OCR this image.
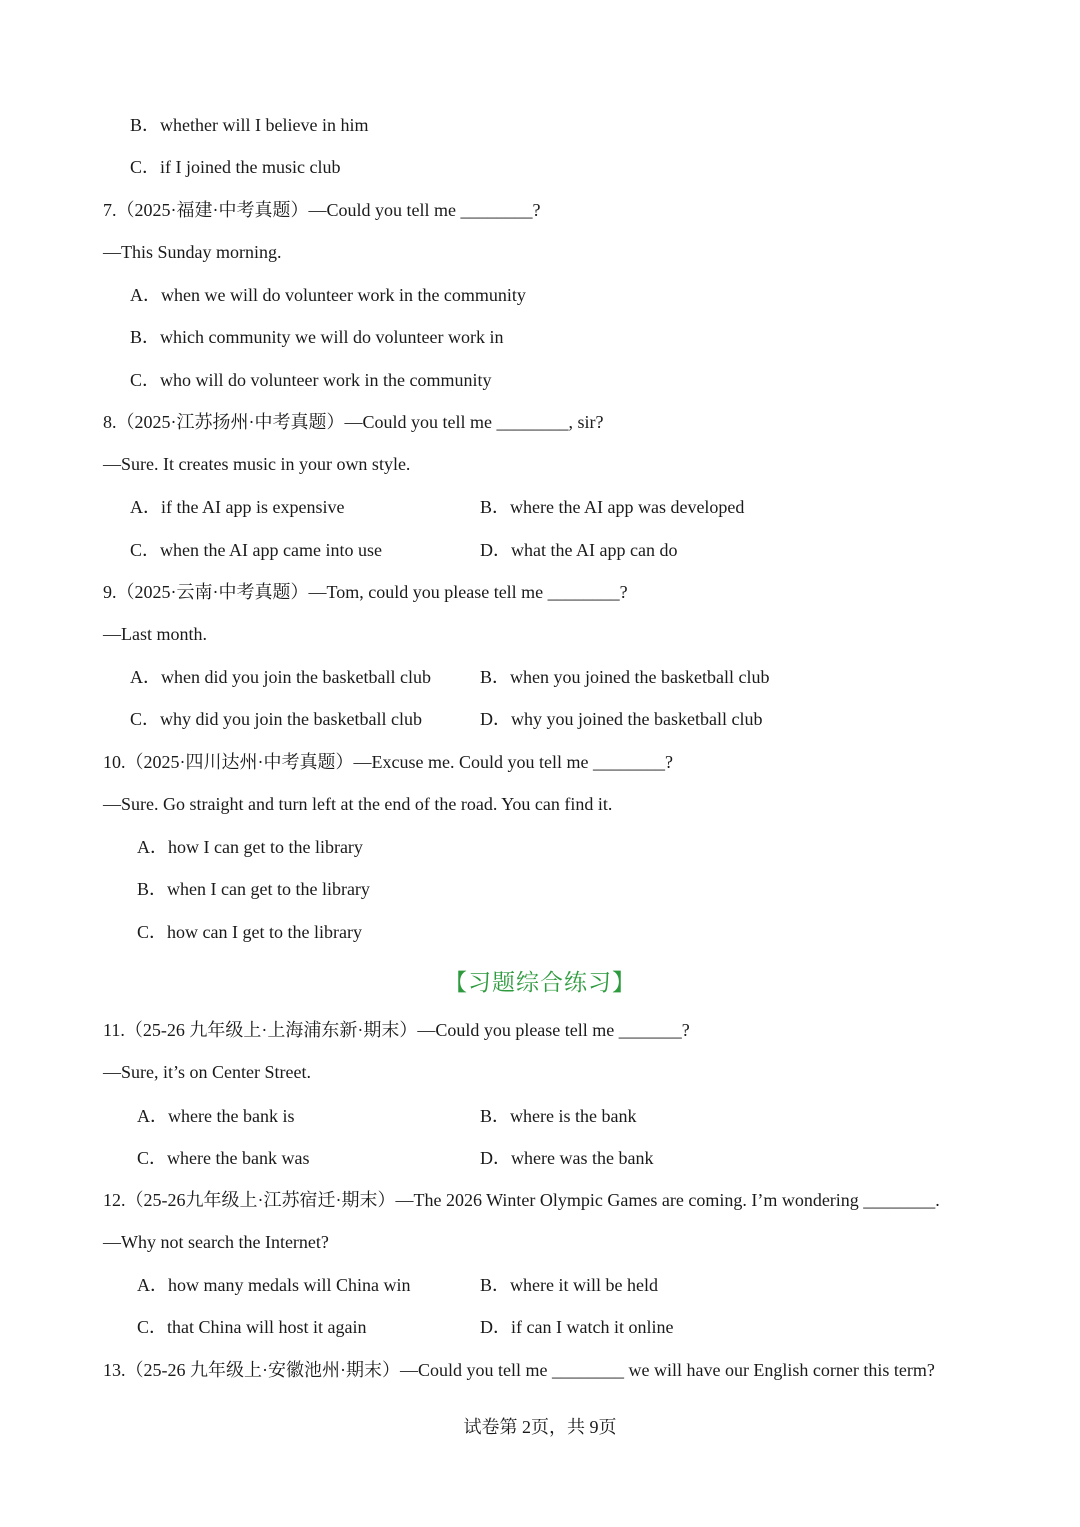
B．whether will I believe in him
C．if I joined the music club
7.（2025·福建·中考真题）—Could you tell me ________?
—This Sunday morning.
A．when we will do volunteer work in the community
B．which community we will do volunteer work in
C．who will do volunteer work in the community
8.（2025·江苏扬州·中考真题）—Could you tell me ________, sir?
—Sure. It creates music in your own style.
A．if the AI app is expensive	B．where the AI app was developed
C．when the AI app came into use	D．what the AI app can do
9.（2025·云南·中考真题）—Tom, could you please tell me ________?
—Last month.
A．when did you join the basketball club	B．when you joined the basketball club
C．why did you join the basketball club	D．why you joined the basketball club
10.（2025·四川达州·中考真题）—Excuse me. Could you tell me ________?
—Sure. Go straight and turn left at the end of the road. You can find it.
A．how I can get to the library
B．when I can get to the library
C．how can I get to the library
【习题综合练习】
11.（25-26 九年级上·上海浦东新·期末）—Could you please tell me _______?
—Sure, it’s on Center Street.
A．where the bank is	B．where is the bank
C．where the bank was	D．where was the bank
12.（25-26九年级上·江苏宿迁·期末）—The 2026 Winter Olympic Games are coming. I’m wondering ________.
—Why not search the Internet?
A．how many medals will China win	B．where it will be held
C．that China will host it again	D．if can I watch it online
13.（25-26 九年级上·安徽池州·期末）—Could you tell me ________ we will have our English corner this term?
试卷第 2页，共 9页
